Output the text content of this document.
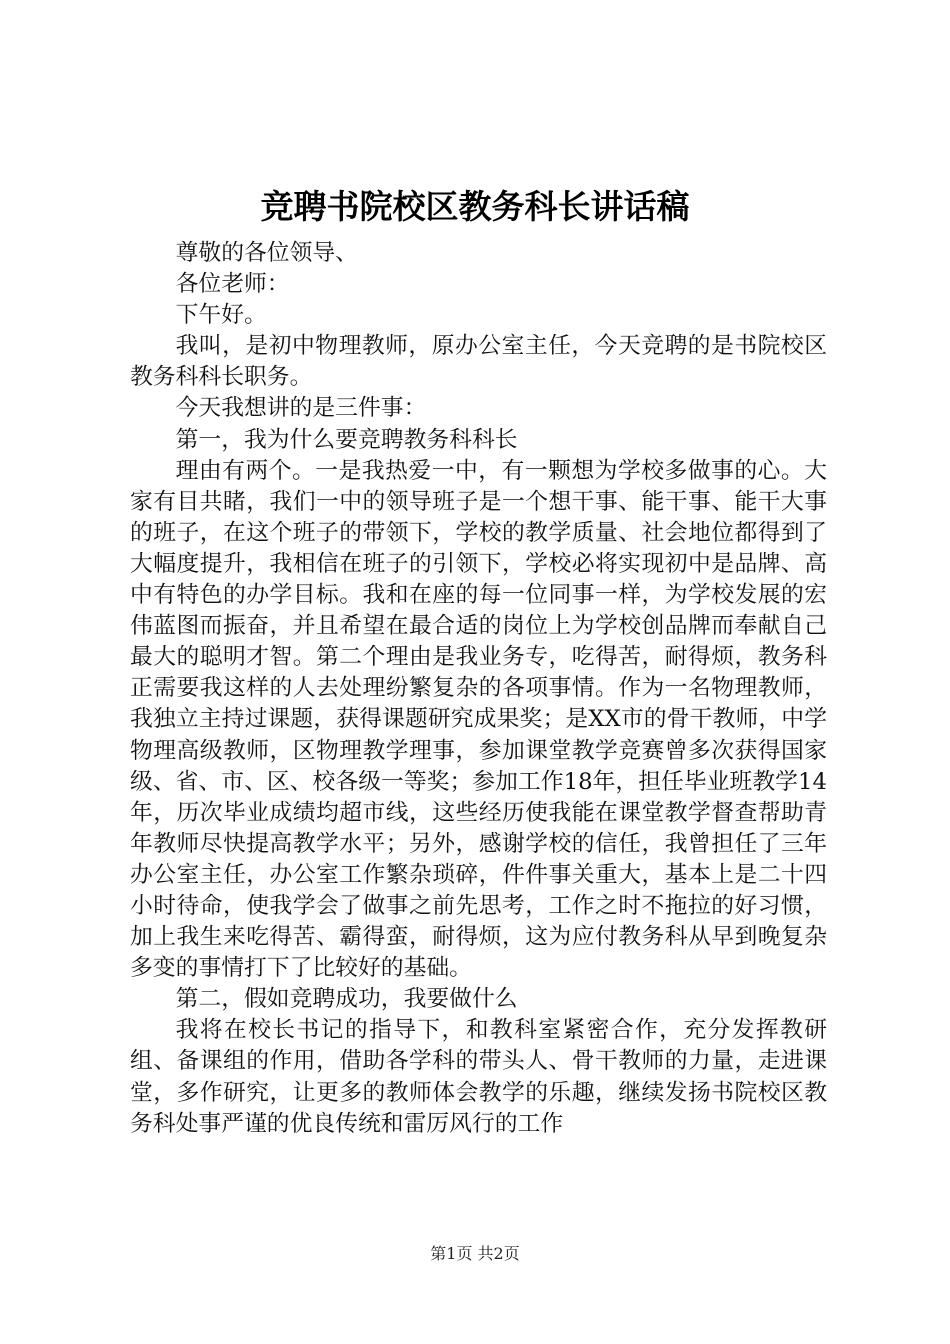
竞聘书院校区教务科长讲话稿

尊敬的各位领导、

各位老师：

下午好。

我叫，是初中物理教师，原办公室主任，今天竞聘的是书院校区教务科科长职务。

今天我想讲的是三件事：

第一，我为什么要竞聘教务科科长

理由有两个。一是我热爱一中，有一颗想为学校多做事的心。大家有目共睹，我们一中的领导班子是一个想干事、能干事、能干大事的班子，在这个班子的带领下，学校的教学质量、社会地位都得到了大幅度提升，我相信在班子的引领下，学校必将实现初中是品牌、高中有特色的办学目标。我和在座的每一位同事一样，为学校发展的宏伟蓝图而振奋，并且希望在最合适的岗位上为学校创品牌而奉献自己最大的聪明才智。第二个理由是我业务专，吃得苦，耐得烦，教务科正需要我这样的人去处理纷繁复杂的各项事情。作为一名物理教师，我独立主持过课题，获得课题研究成果奖；是XX市的骨干教师，中学物理高级教师，区物理教学理事，参加课堂教学竞赛曾多次获得国家级、省、市、区、校各级一等奖；参加工作18年，担任毕业班教学14年，历次毕业成绩均超市线，这些经历使我能在课堂教学督查帮助青年教师尽快提高教学水平；另外，感谢学校的信任，我曾担任了三年办公室主任，办公室工作繁杂琐碎，件件事关重大，基本上是二十四小时待命，使我学会了做事之前先思考，工作之时不拖拉的好习惯，加上我生来吃得苦、霸得蛮，耐得烦，这为应付教务科从早到晚复杂多变的事情打下了比较好的基础。

第二，假如竞聘成功，我要做什么

我将在校长书记的指导下，和教科室紧密合作，充分发挥教研组、备课组的作用，借助各学科的带头人、骨干教师的力量，走进课堂，多作研究，让更多的教师体会教学的乐趣，继续发扬书院校区教务科处事严谨的优良传统和雷厉风行的工作

第1页 共2页
